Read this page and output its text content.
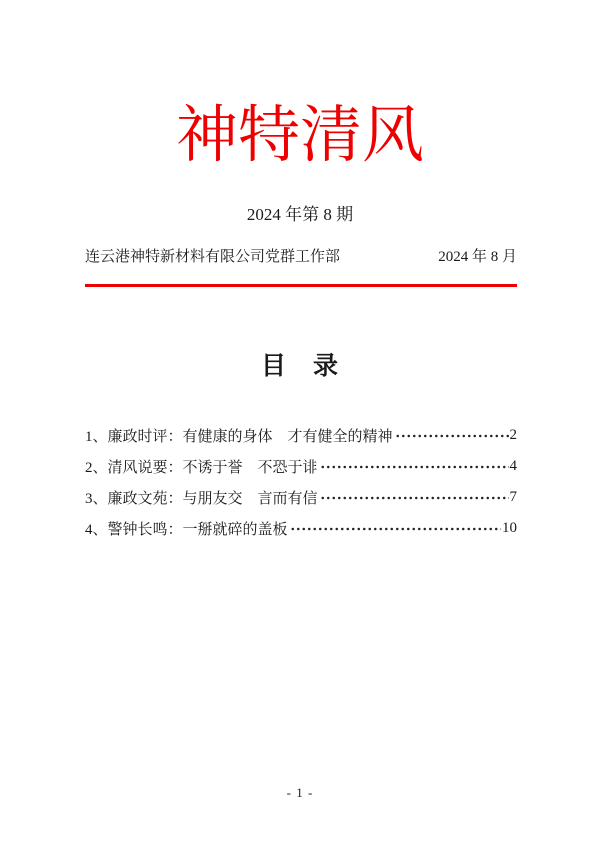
神特清风
2024 年第 8 期
连云港神特新材料有限公司党群工作部	2024 年 8 月
目　录
1、廉政时评：有健康的身体　才有健全的精神	2
2、清风说要：不诱于誉　不恐于诽	4
3、廉政文苑：与朋友交　言而有信	7
4、警钟长鸣：一掰就碎的盖板	10
- 1 -
